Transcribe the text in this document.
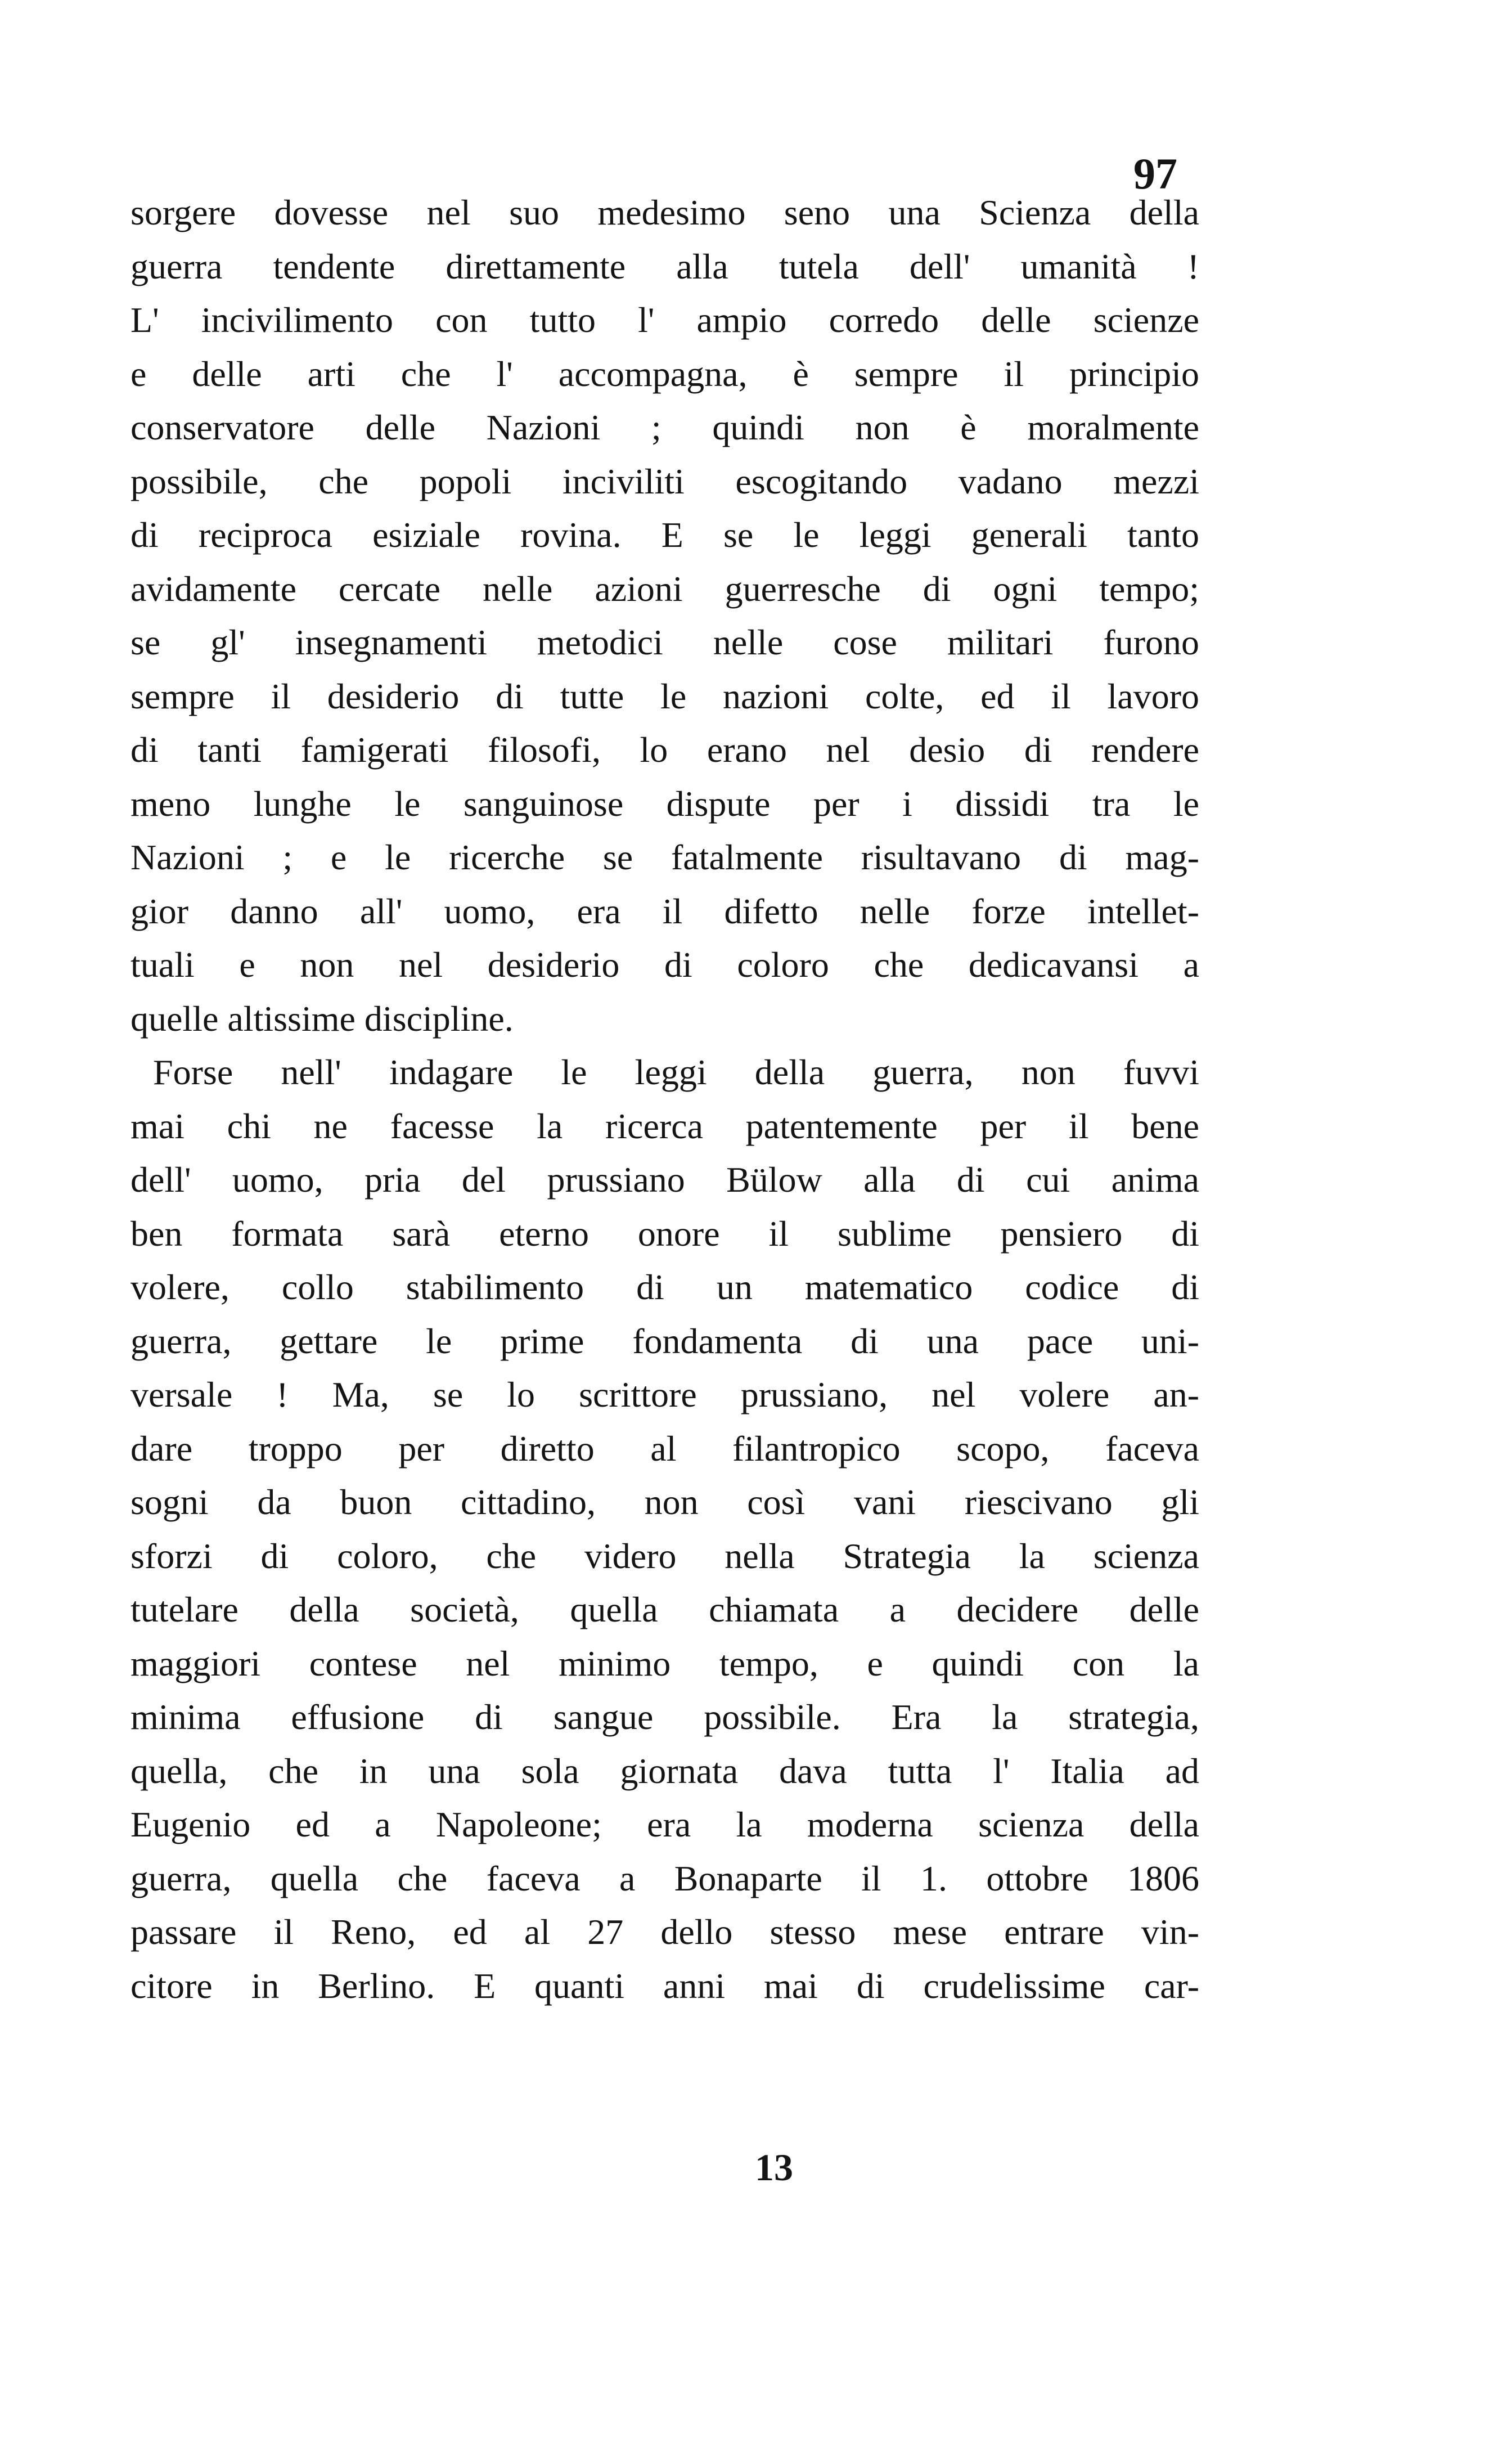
97
sorgere dovesse nel suo medesimo seno una Scienza della
guerra tendente direttamente alla tutela dell' umanità !
L' incivilimento con tutto l' ampio corredo delle scienze
e delle arti che l' accompagna, è sempre il principio
conservatore delle Nazioni ; quindi non è moralmente
possibile, che popoli inciviliti escogitando vadano mezzi
di reciproca esiziale rovina. E se le leggi generali tanto
avidamente cercate nelle azioni guerresche di ogni tempo;
se gl' insegnamenti metodici nelle cose militari furono
sempre il desiderio di tutte le nazioni colte, ed il lavoro
di tanti famigerati filosofi, lo erano nel desio di rendere
meno lunghe le sanguinose dispute per i dissidi tra le
Nazioni ; e le ricerche se fatalmente risultavano di mag-
gior danno all' uomo, era il difetto nelle forze intellet-
tuali e non nel desiderio di coloro che dedicavansi a
quelle altissime discipline.
Forse nell' indagare le leggi della guerra, non fuvvi
mai chi ne facesse la ricerca patentemente per il bene
dell' uomo, pria del prussiano Bülow alla di cui anima
ben formata sarà eterno onore il sublime pensiero di
volere, collo stabilimento di un matematico codice di
guerra, gettare le prime fondamenta di una pace uni-
versale ! Ma, se lo scrittore prussiano, nel volere an-
dare troppo per diretto al filantropico scopo, faceva
sogni da buon cittadino, non così vani riescivano gli
sforzi di coloro, che videro nella Strategia la scienza
tutelare della società, quella chiamata a decidere delle
maggiori contese nel minimo tempo, e quindi con la
minima effusione di sangue possibile. Era la strategia,
quella, che in una sola giornata dava tutta l' Italia ad
Eugenio ed a Napoleone; era la moderna scienza della
guerra, quella che faceva a Bonaparte il 1. ottobre 1806
passare il Reno, ed al 27 dello stesso mese entrare vin-
citore in Berlino. E quanti anni mai di crudelissime car-
13
